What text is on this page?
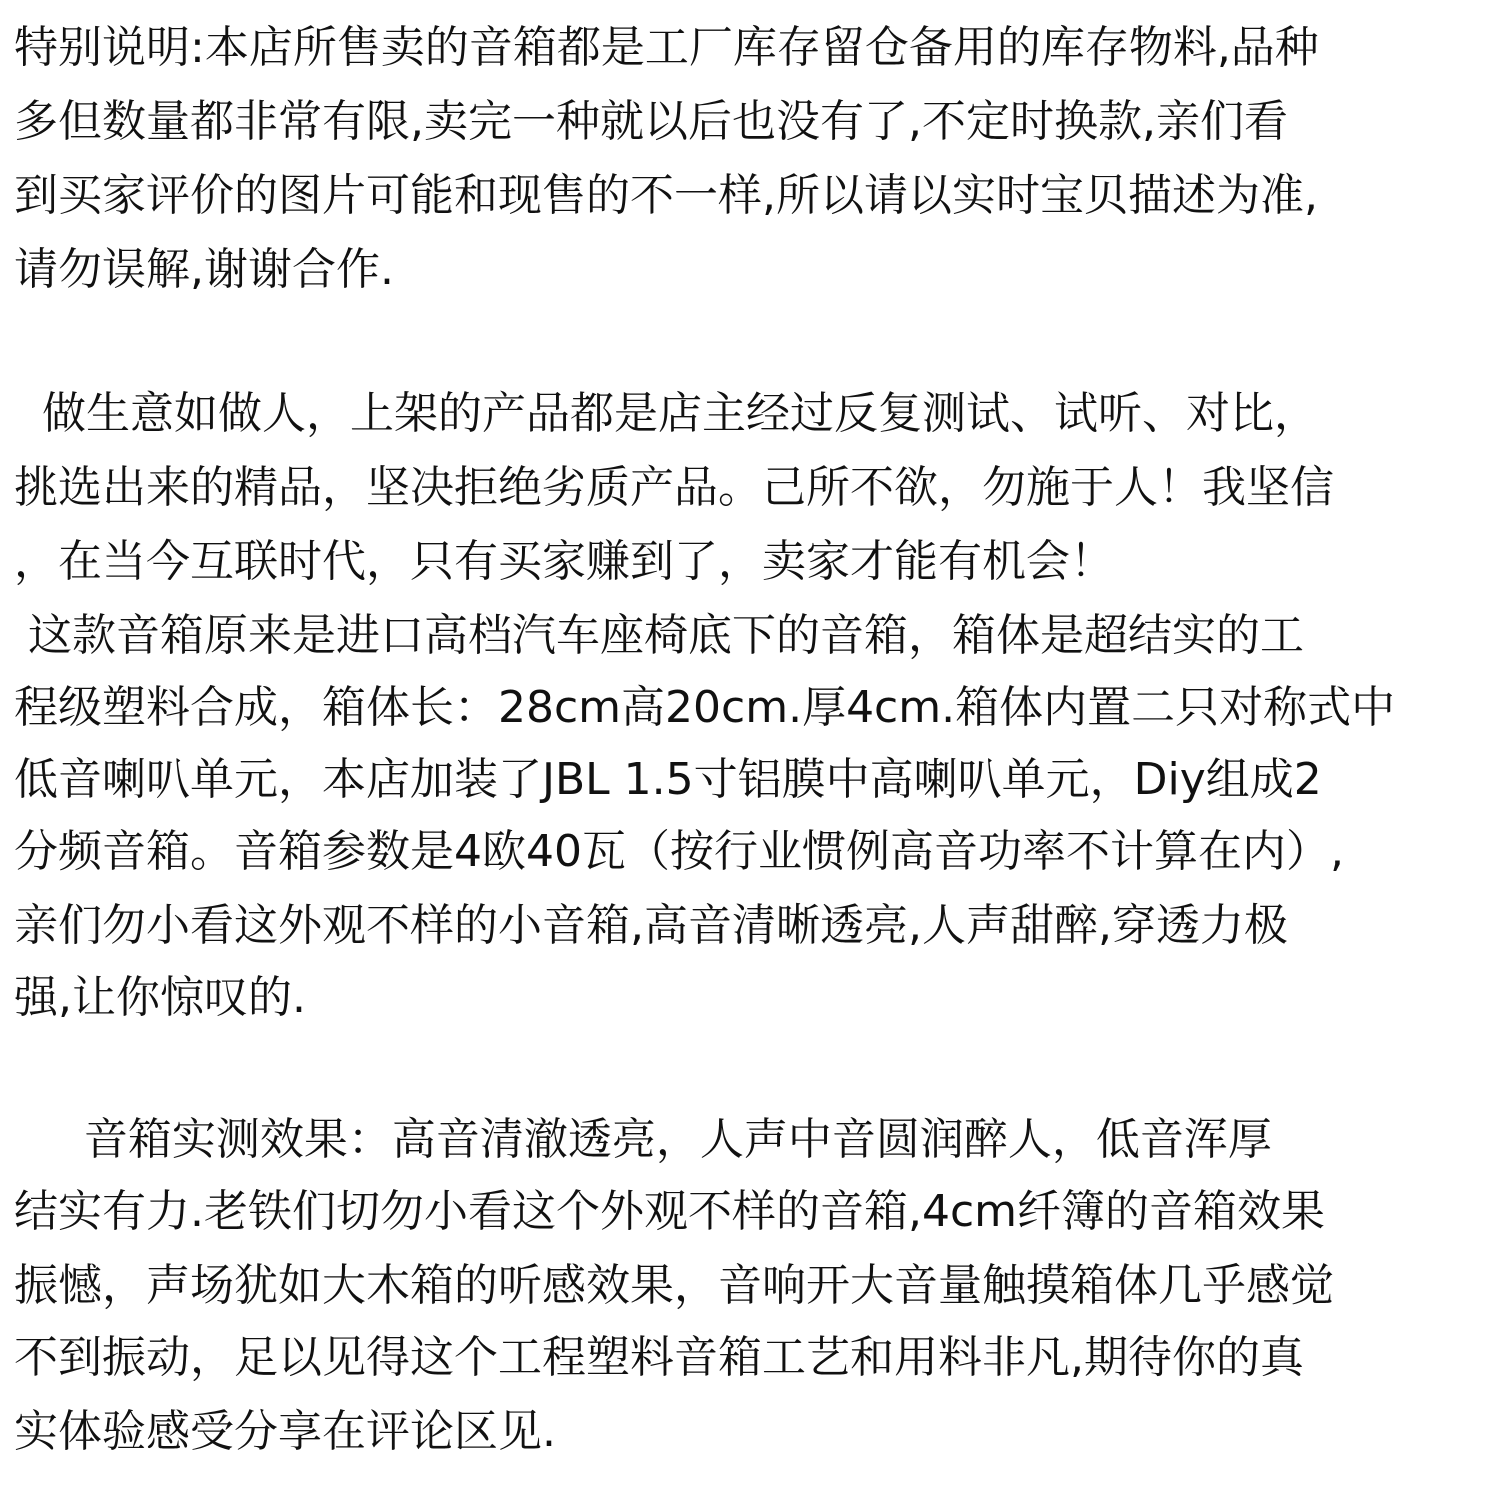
特别说明:本店所售卖的音箱都是工厂库存留仓备用的库存物料,品种
多但数量都非常有限,卖完一种就以后也没有了,不定时换款,亲们看
到买家评价的图片可能和现售的不一样,所以请以实时宝贝描述为准,
请勿误解,谢谢合作.
做生意如做人，上架的产品都是店主经过反复测试、试听、对比，
挑选出来的精品，坚决拒绝劣质产品。己所不欲，勿施于人！我坚信
，在当今互联时代，只有买家赚到了，卖家才能有机会！
这款音箱原来是进口高档汽车座椅底下的音箱，箱体是超结实的工
程级塑料合成，箱体长：28cm高20cm.厚4cm.箱体内置二只对称式中
低音喇叭单元，本店加装了JBL 1.5寸铝膜中高喇叭单元，Diy组成2
分频音箱。音箱参数是4欧40瓦（按行业惯例高音功率不计算在内）,
亲们勿小看这外观不样的小音箱,高音清晰透亮,人声甜醉,穿透力极
强,让你惊叹的.
音箱实测效果：高音清澈透亮，人声中音圆润醉人，低音浑厚
结实有力.老铁们切勿小看这个外观不样的音箱,4cm纤簿的音箱效果
振憾，声场犹如大木箱的听感效果，音响开大音量触摸箱体几乎感觉
不到振动，足以见得这个工程塑料音箱工艺和用料非凡,期待你的真
实体验感受分享在评论区见.
